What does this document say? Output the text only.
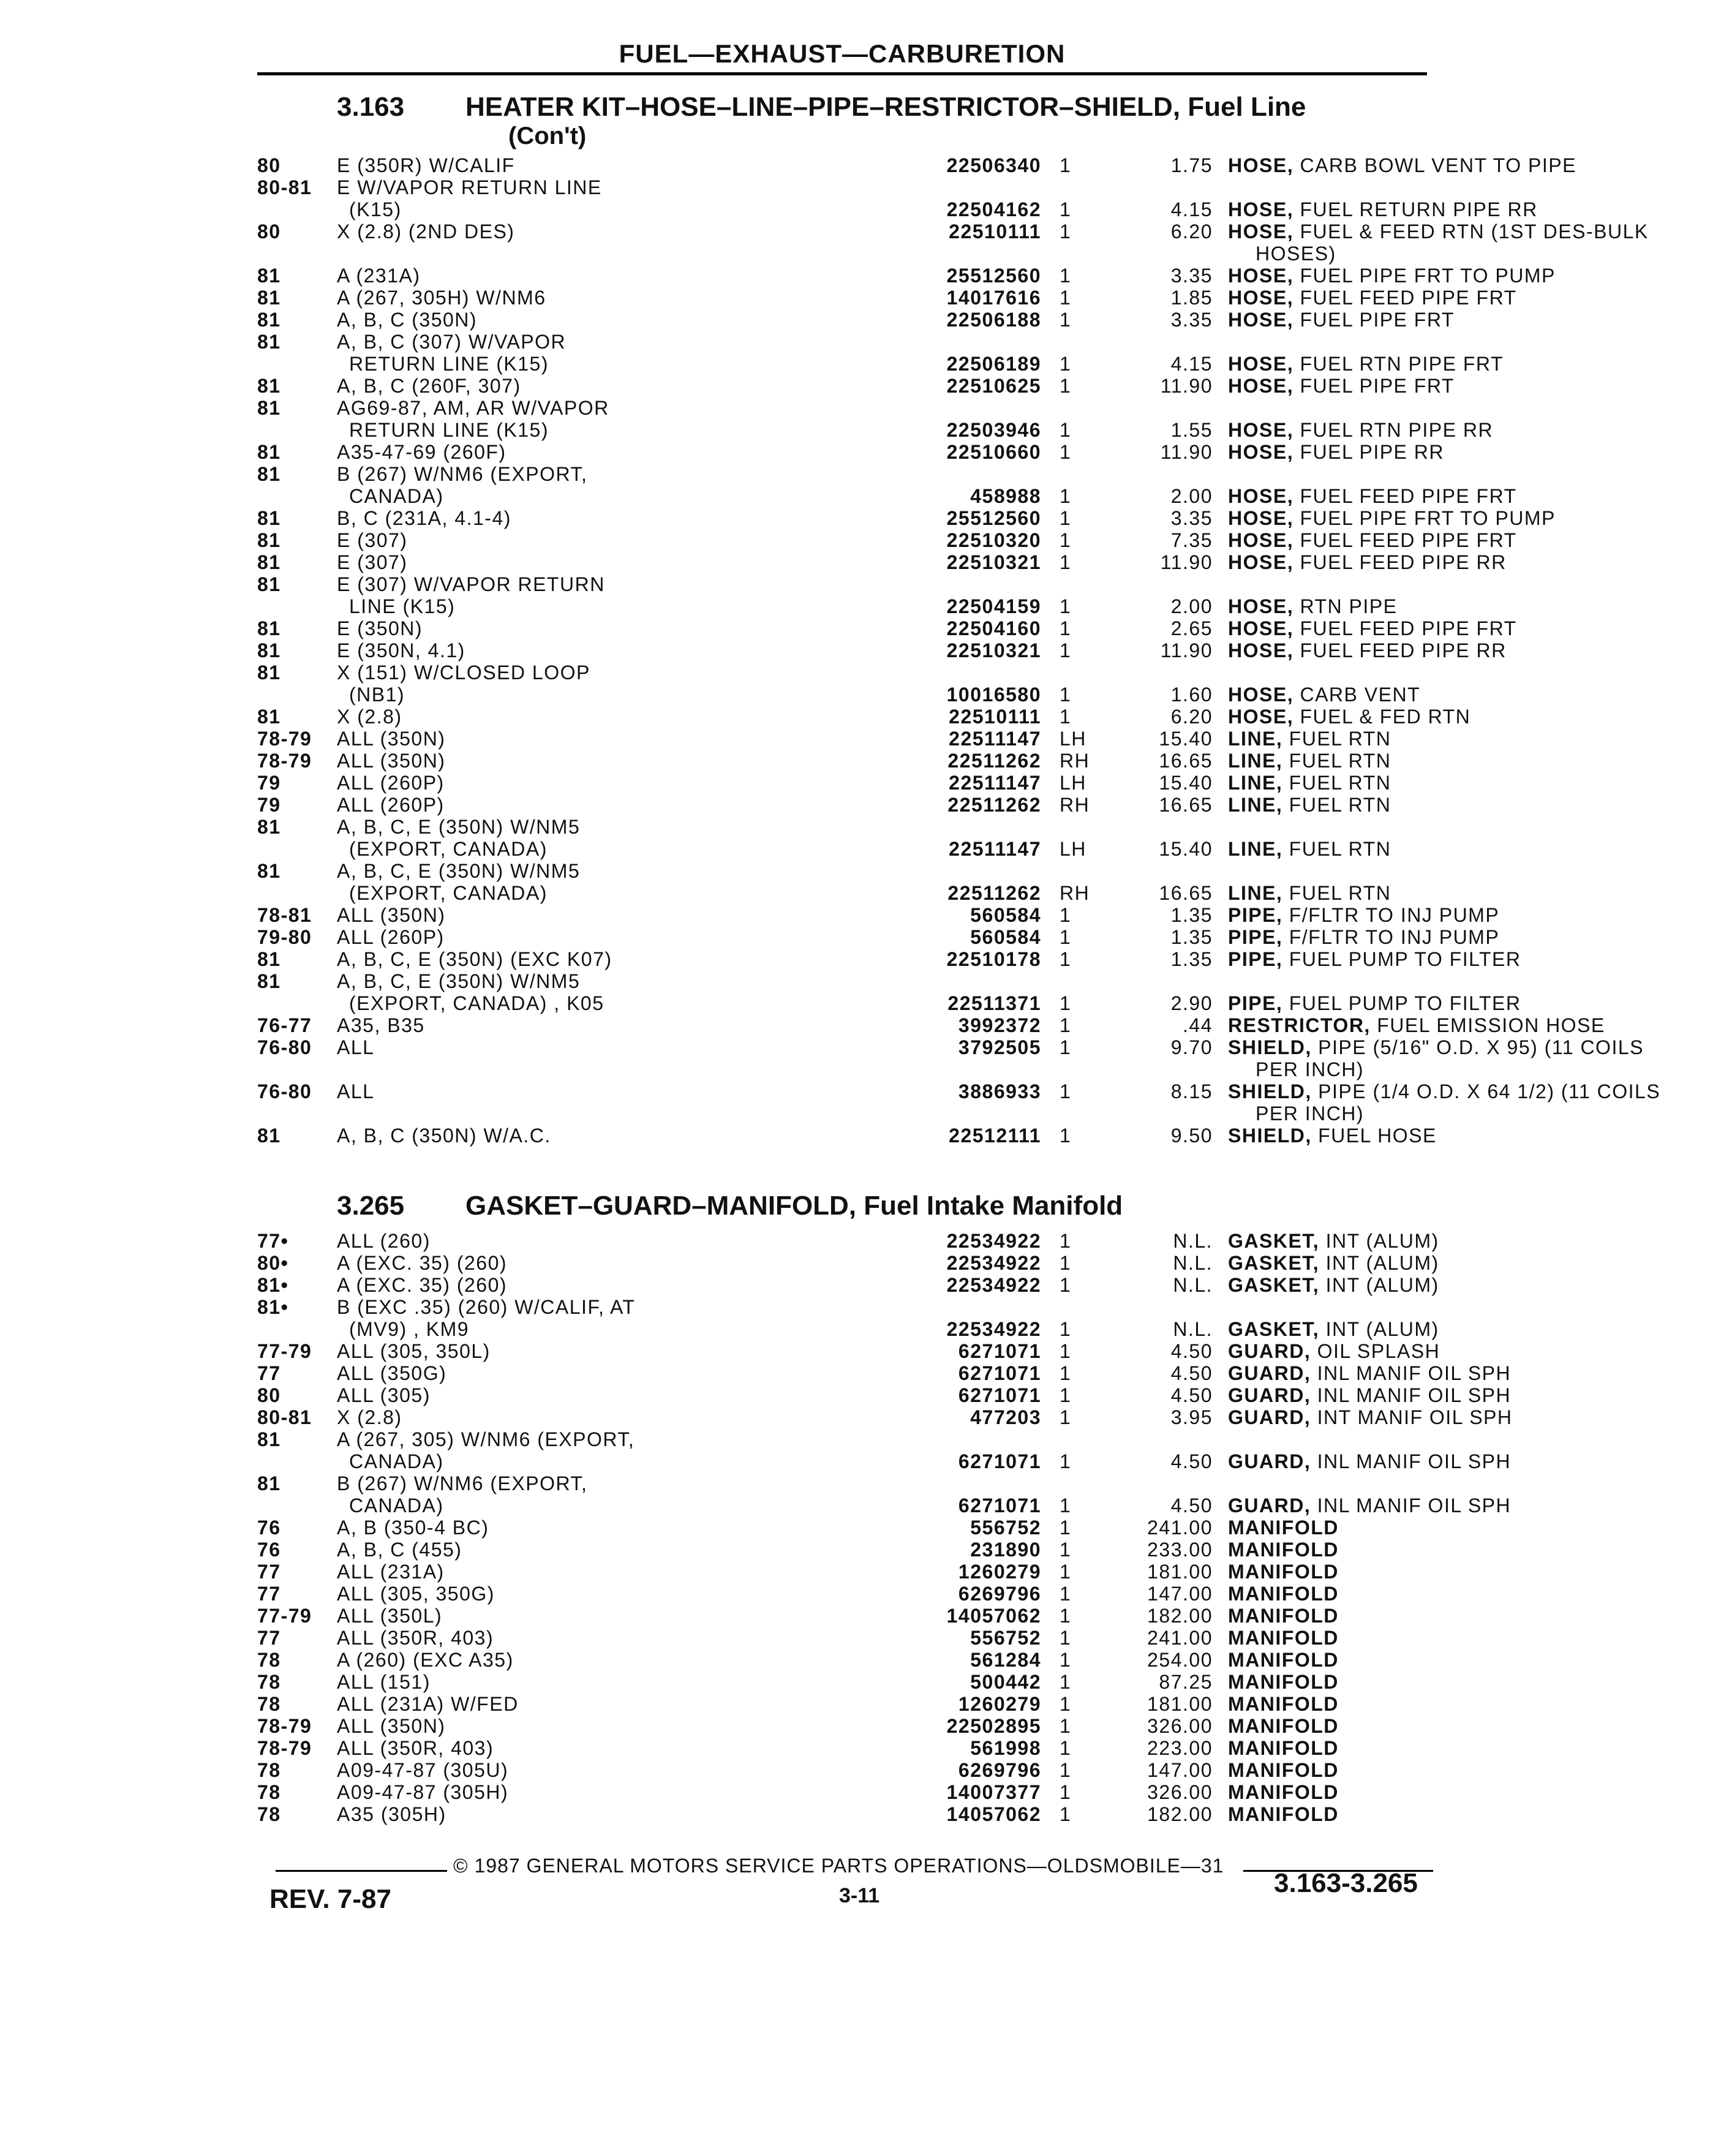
FUEL—EXHAUST—CARBURETION
3.163 HEATER KIT–HOSE–LINE–PIPE–RESTRICTOR–SHIELD, Fuel Line
(Con't)
80	E (350R) W/CALIF	22506340 1	1.75 HOSE, CARB BOWL VENT TO PIPE
80-81	E W/VAPOR RETURN LINE
(K15)	22504162 1	4.15 HOSE, FUEL RETURN PIPE RR
80	X (2.8) (2ND DES)	22510111 1	6.20 HOSE, FUEL & FEED RTN (1ST DES-BULK
HOSES)
81	A (231A)	25512560 1	3.35 HOSE, FUEL PIPE FRT TO PUMP
81	A (267, 305H) W/NM6	14017616 1	1.85 HOSE, FUEL FEED PIPE FRT
81	A, B, C (350N)	22506188 1	3.35 HOSE, FUEL PIPE FRT
81	A, B, C (307) W/VAPOR
RETURN LINE (K15)	22506189 1	4.15 HOSE, FUEL RTN PIPE FRT
81	A, B, C (260F, 307)	22510625 1	11.90 HOSE, FUEL PIPE FRT
81	AG69-87, AM, AR W/VAPOR
RETURN LINE (K15)	22503946 1	1.55 HOSE, FUEL RTN PIPE RR
81	A35-47-69 (260F)	22510660 1	11.90 HOSE, FUEL PIPE RR
81	B (267) W/NM6 (EXPORT,
CANADA)	458988 1	2.00 HOSE, FUEL FEED PIPE FRT
81	B, C (231A, 4.1-4)	25512560 1	3.35 HOSE, FUEL PIPE FRT TO PUMP
81	E (307)	22510320 1	7.35 HOSE, FUEL FEED PIPE FRT
81	E (307)	22510321 1	11.90 HOSE, FUEL FEED PIPE RR
81	E (307) W/VAPOR RETURN
LINE (K15)	22504159 1	2.00 HOSE, RTN PIPE
81	E (350N)	22504160 1	2.65 HOSE, FUEL FEED PIPE FRT
81	E (350N, 4.1)	22510321 1	11.90 HOSE, FUEL FEED PIPE RR
81	X (151) W/CLOSED LOOP
(NB1)	10016580 1	1.60 HOSE, CARB VENT
81	X (2.8)	22510111 1	6.20 HOSE, FUEL & FED RTN
78-79	ALL (350N)	22511147 LH	15.40 LINE, FUEL RTN
78-79	ALL (350N)	22511262 RH	16.65 LINE, FUEL RTN
79	ALL (260P)	22511147 LH	15.40 LINE, FUEL RTN
79	ALL (260P)	22511262 RH	16.65 LINE, FUEL RTN
81	A, B, C, E (350N) W/NM5
(EXPORT, CANADA)	22511147 LH	15.40 LINE, FUEL RTN
81	A, B, C, E (350N) W/NM5
(EXPORT, CANADA)	22511262 RH	16.65 LINE, FUEL RTN
78-81	ALL (350N)	560584 1	1.35 PIPE, F/FLTR TO INJ PUMP
79-80	ALL (260P)	560584 1	1.35 PIPE, F/FLTR TO INJ PUMP
81	A, B, C, E (350N) (EXC K07)	22510178 1	1.35 PIPE, FUEL PUMP TO FILTER
81	A, B, C, E (350N) W/NM5
(EXPORT, CANADA) , K05	22511371 1	2.90 PIPE, FUEL PUMP TO FILTER
76-77	A35, B35	3992372 1	.44 RESTRICTOR, FUEL EMISSION HOSE
76-80	ALL	3792505 1	9.70 SHIELD, PIPE (5/16" O.D. X 95) (11 COILS
PER INCH)
76-80	ALL	3886933 1	8.15 SHIELD, PIPE (1/4 O.D. X 64 1/2) (11 COILS
PER INCH)
81	A, B, C (350N) W/A.C.	22512111 1	9.50 SHIELD, FUEL HOSE
3.265 GASKET–GUARD–MANIFOLD, Fuel Intake Manifold
77•	ALL (260)	22534922 1	N.L. GASKET, INT (ALUM)
80•	A (EXC. 35) (260)	22534922 1	N.L. GASKET, INT (ALUM)
81•	A (EXC. 35) (260)	22534922 1	N.L. GASKET, INT (ALUM)
81•	B (EXC .35) (260) W/CALIF, AT
(MV9) , KM9	22534922 1	N.L. GASKET, INT (ALUM)
77-79	ALL (305, 350L)	6271071 1	4.50 GUARD, OIL SPLASH
77	ALL (350G)	6271071 1	4.50 GUARD, INL MANIF OIL SPH
80	ALL (305)	6271071 1	4.50 GUARD, INL MANIF OIL SPH
80-81	X (2.8)	477203 1	3.95 GUARD, INT MANIF OIL SPH
81	A (267, 305) W/NM6 (EXPORT,
CANADA)	6271071 1	4.50 GUARD, INL MANIF OIL SPH
81	B (267) W/NM6 (EXPORT,
CANADA)	6271071 1	4.50 GUARD, INL MANIF OIL SPH
76	A, B (350-4 BC)	556752 1	241.00 MANIFOLD
76	A, B, C (455)	231890 1	233.00 MANIFOLD
77	ALL (231A)	1260279 1	181.00 MANIFOLD
77	ALL (305, 350G)	6269796 1	147.00 MANIFOLD
77-79	ALL (350L)	14057062 1	182.00 MANIFOLD
77	ALL (350R, 403)	556752 1	241.00 MANIFOLD
78	A (260) (EXC A35)	561284 1	254.00 MANIFOLD
78	ALL (151)	500442 1	87.25 MANIFOLD
78	ALL (231A) W/FED	1260279 1	181.00 MANIFOLD
78-79	ALL (350N)	22502895 1	326.00 MANIFOLD
78-79	ALL (350R, 403)	561998 1	223.00 MANIFOLD
78	A09-47-87 (305U)	6269796 1	147.00 MANIFOLD
78	A09-47-87 (305H)	14007377 1	326.00 MANIFOLD
78	A35 (305H)	14057062 1	182.00 MANIFOLD
© 1987 GENERAL MOTORS SERVICE PARTS OPERATIONS—OLDSMOBILE—31
REV. 7-87	3-11	3.163-3.265
